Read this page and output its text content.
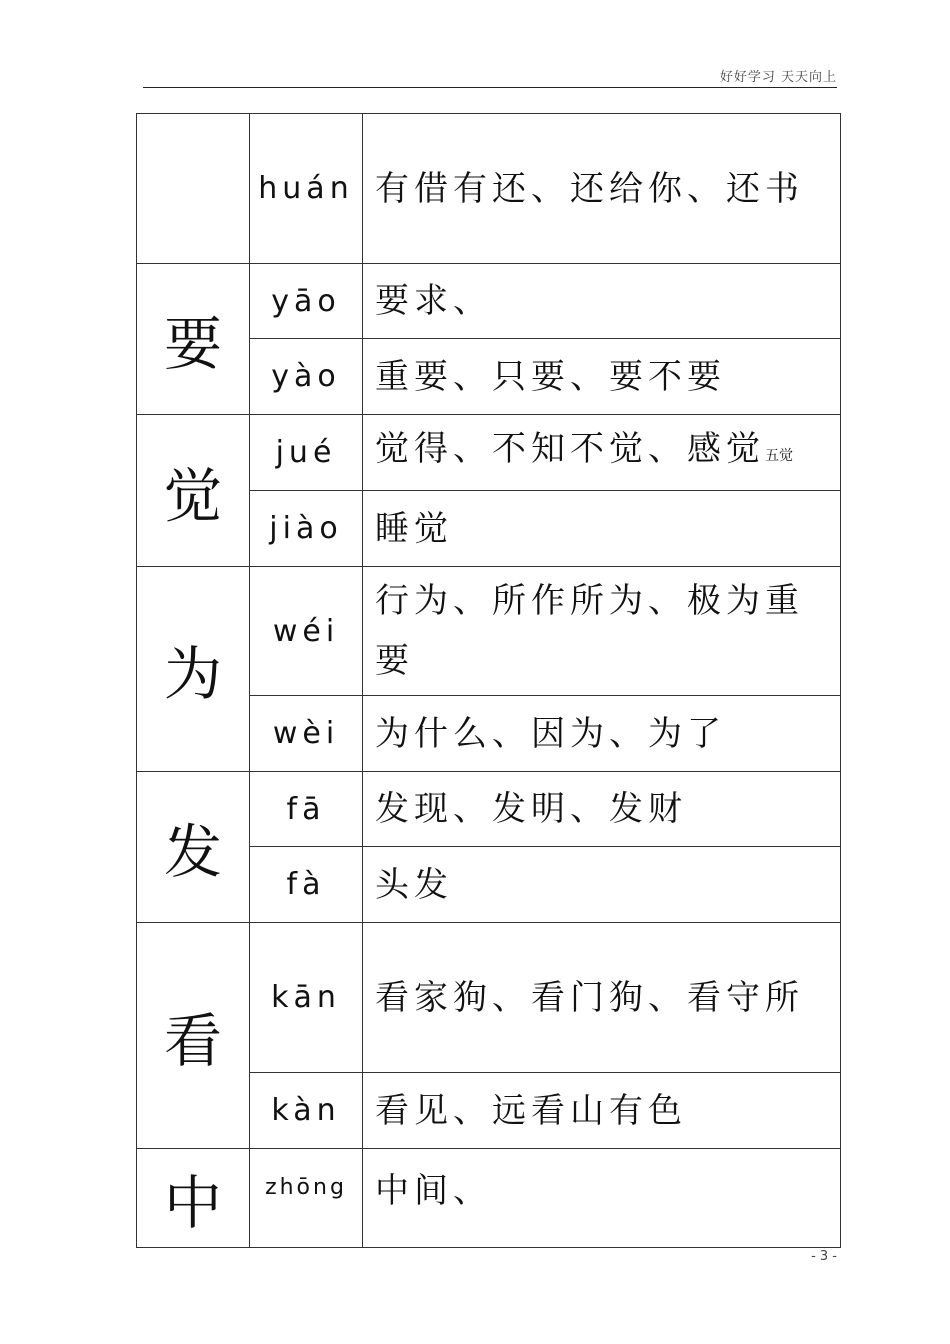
好好学习 天天向上
	huán	有借有还、还给你、还书
要	yāo	要求、
	yào	重要、只要、要不要
觉	jué	觉得、不知不觉、感觉五觉
	jiào	睡觉
为	wéi	行为、所作所为、极为重要
	wèi	为什么、因为、为了
发	fā	发现、发明、发财
	fà	头发
看	kān	看家狗、看门狗、看守所
	kàn	看见、远看山有色
中	zhōng	中间、
- 3 -
